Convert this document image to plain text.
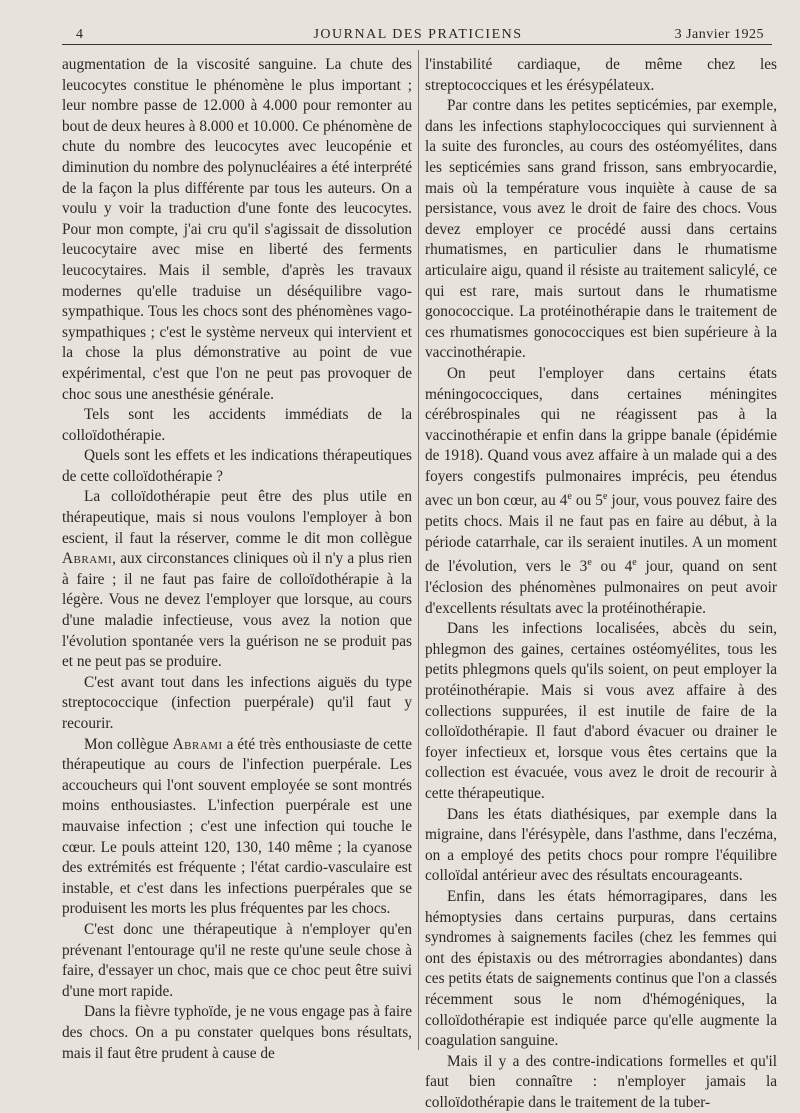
4	JOURNAL DES PRATICIENS	3 Janvier 1925

augmentation de la viscosité sanguine. La chute des leucocytes constitue le phénomène le plus important ; leur nombre passe de 12.000 à 4.000 pour remonter au bout de deux heures à 8.000 et 10.000. Ce phénomène de chute du nombre des leucocytes avec leucopénie et diminution du nombre des polynucléaires a été interprété de la façon la plus différente par tous les auteurs. On a voulu y voir la traduction d'une fonte des leucocytes. Pour mon compte, j'ai cru qu'il s'agissait de dissolution leucocytaire avec mise en liberté des ferments leucocytaires. Mais il semble, d'après les travaux modernes qu'elle traduise un déséquilibre vago-sympathique. Tous les chocs sont des phénomènes vago-sympathiques ; c'est le système nerveux qui intervient et la chose la plus démonstrative au point de vue expérimental, c'est que l'on ne peut pas provoquer de choc sous une anesthésie générale.

Tels sont les accidents immédiats de la colloïdothérapie.

Quels sont les effets et les indications thérapeutiques de cette colloïdothérapie ?

La colloïdothérapie peut être des plus utile en thérapeutique, mais si nous voulons l'employer à bon escient, il faut la réserver, comme le dit mon collègue Abrami, aux circonstances cliniques où il n'y a plus rien à faire ; il ne faut pas faire de colloïdothérapie à la légère. Vous ne devez l'employer que lorsque, au cours d'une maladie infectieuse, vous avez la notion que l'évolution spontanée vers la guérison ne se produit pas et ne peut pas se produire.

C'est avant tout dans les infections aiguës du type streptococcique (infection puerpérale) qu'il faut y recourir.

Mon collègue Abrami a été très enthousiaste de cette thérapeutique au cours de l'infection puerpérale. Les accoucheurs qui l'ont souvent employée se sont montrés moins enthousiastes. L'infection puerpérale est une mauvaise infection ; c'est une infection qui touche le cœur. Le pouls atteint 120, 130, 140 même ; la cyanose des extrémités est fréquente ; l'état cardio-vasculaire est instable, et c'est dans les infections puerpérales que se produisent les morts les plus fréquentes par les chocs.

C'est donc une thérapeutique à n'employer qu'en prévenant l'entourage qu'il ne reste qu'une seule chose à faire, d'essayer un choc, mais que ce choc peut être suivi d'une mort rapide.

Dans la fièvre typhoïde, je ne vous engage pas à faire des chocs. On a pu constater quelques bons résultats, mais il faut être prudent à cause de

l'instabilité cardiaque, de même chez les streptococciques et les érésypélateux.

Par contre dans les petites septicémies, par exemple, dans les infections staphylococciques qui surviennent à la suite des furoncles, au cours des ostéomyélites, dans les septicémies sans grand frisson, sans embryocardie, mais où la température vous inquiète à cause de sa persistance, vous avez le droit de faire des chocs. Vous devez employer ce procédé aussi dans certains rhumatismes, en particulier dans le rhumatisme articulaire aigu, quand il résiste au traitement salicylé, ce qui est rare, mais surtout dans le rhumatisme gonococcique. La protéinothérapie dans le traitement de ces rhumatismes gonococciques est bien supérieure à la vaccinothérapie.

On peut l'employer dans certains états méningococciques, dans certaines méningites cérébrospinales qui ne réagissent pas à la vaccinothérapie et enfin dans la grippe banale (épidémie de 1918). Quand vous avez affaire à un malade qui a des foyers congestifs pulmonaires imprécis, peu étendus avec un bon cœur, au 4e ou 5e jour, vous pouvez faire des petits chocs. Mais il ne faut pas en faire au début, à la période catarrhale, car ils seraient inutiles. A un moment de l'évolution, vers le 3e ou 4e jour, quand on sent l'éclosion des phénomènes pulmonaires on peut avoir d'excellents résultats avec la protéinothérapie.

Dans les infections localisées, abcès du sein, phlegmon des gaines, certaines ostéomyélites, tous les petits phlegmons quels qu'ils soient, on peut employer la protéinothérapie. Mais si vous avez affaire à des collections suppurées, il est inutile de faire de la colloïdothérapie. Il faut d'abord évacuer ou drainer le foyer infectieux et, lorsque vous êtes certains que la collection est évacuée, vous avez le droit de recourir à cette thérapeutique.

Dans les états diathésiques, par exemple dans la migraine, dans l'érésypèle, dans l'asthme, dans l'eczéma, on a employé des petits chocs pour rompre l'équilibre colloïdal antérieur avec des résultats encourageants.

Enfin, dans les états hémorragipares, dans les hémoptysies dans certains purpuras, dans certains syndromes à saignements faciles (chez les femmes qui ont des épistaxis ou des métrorragies abondantes) dans ces petits états de saignements continus que l'on a classés récemment sous le nom d'hémogéniques, la colloïdothérapie est indiquée parce qu'elle augmente la coagulation sanguine.

Mais il y a des contre-indications formelles et qu'il faut bien connaître : n'employer jamais la colloïdothérapie dans le traitement de la tuber-
